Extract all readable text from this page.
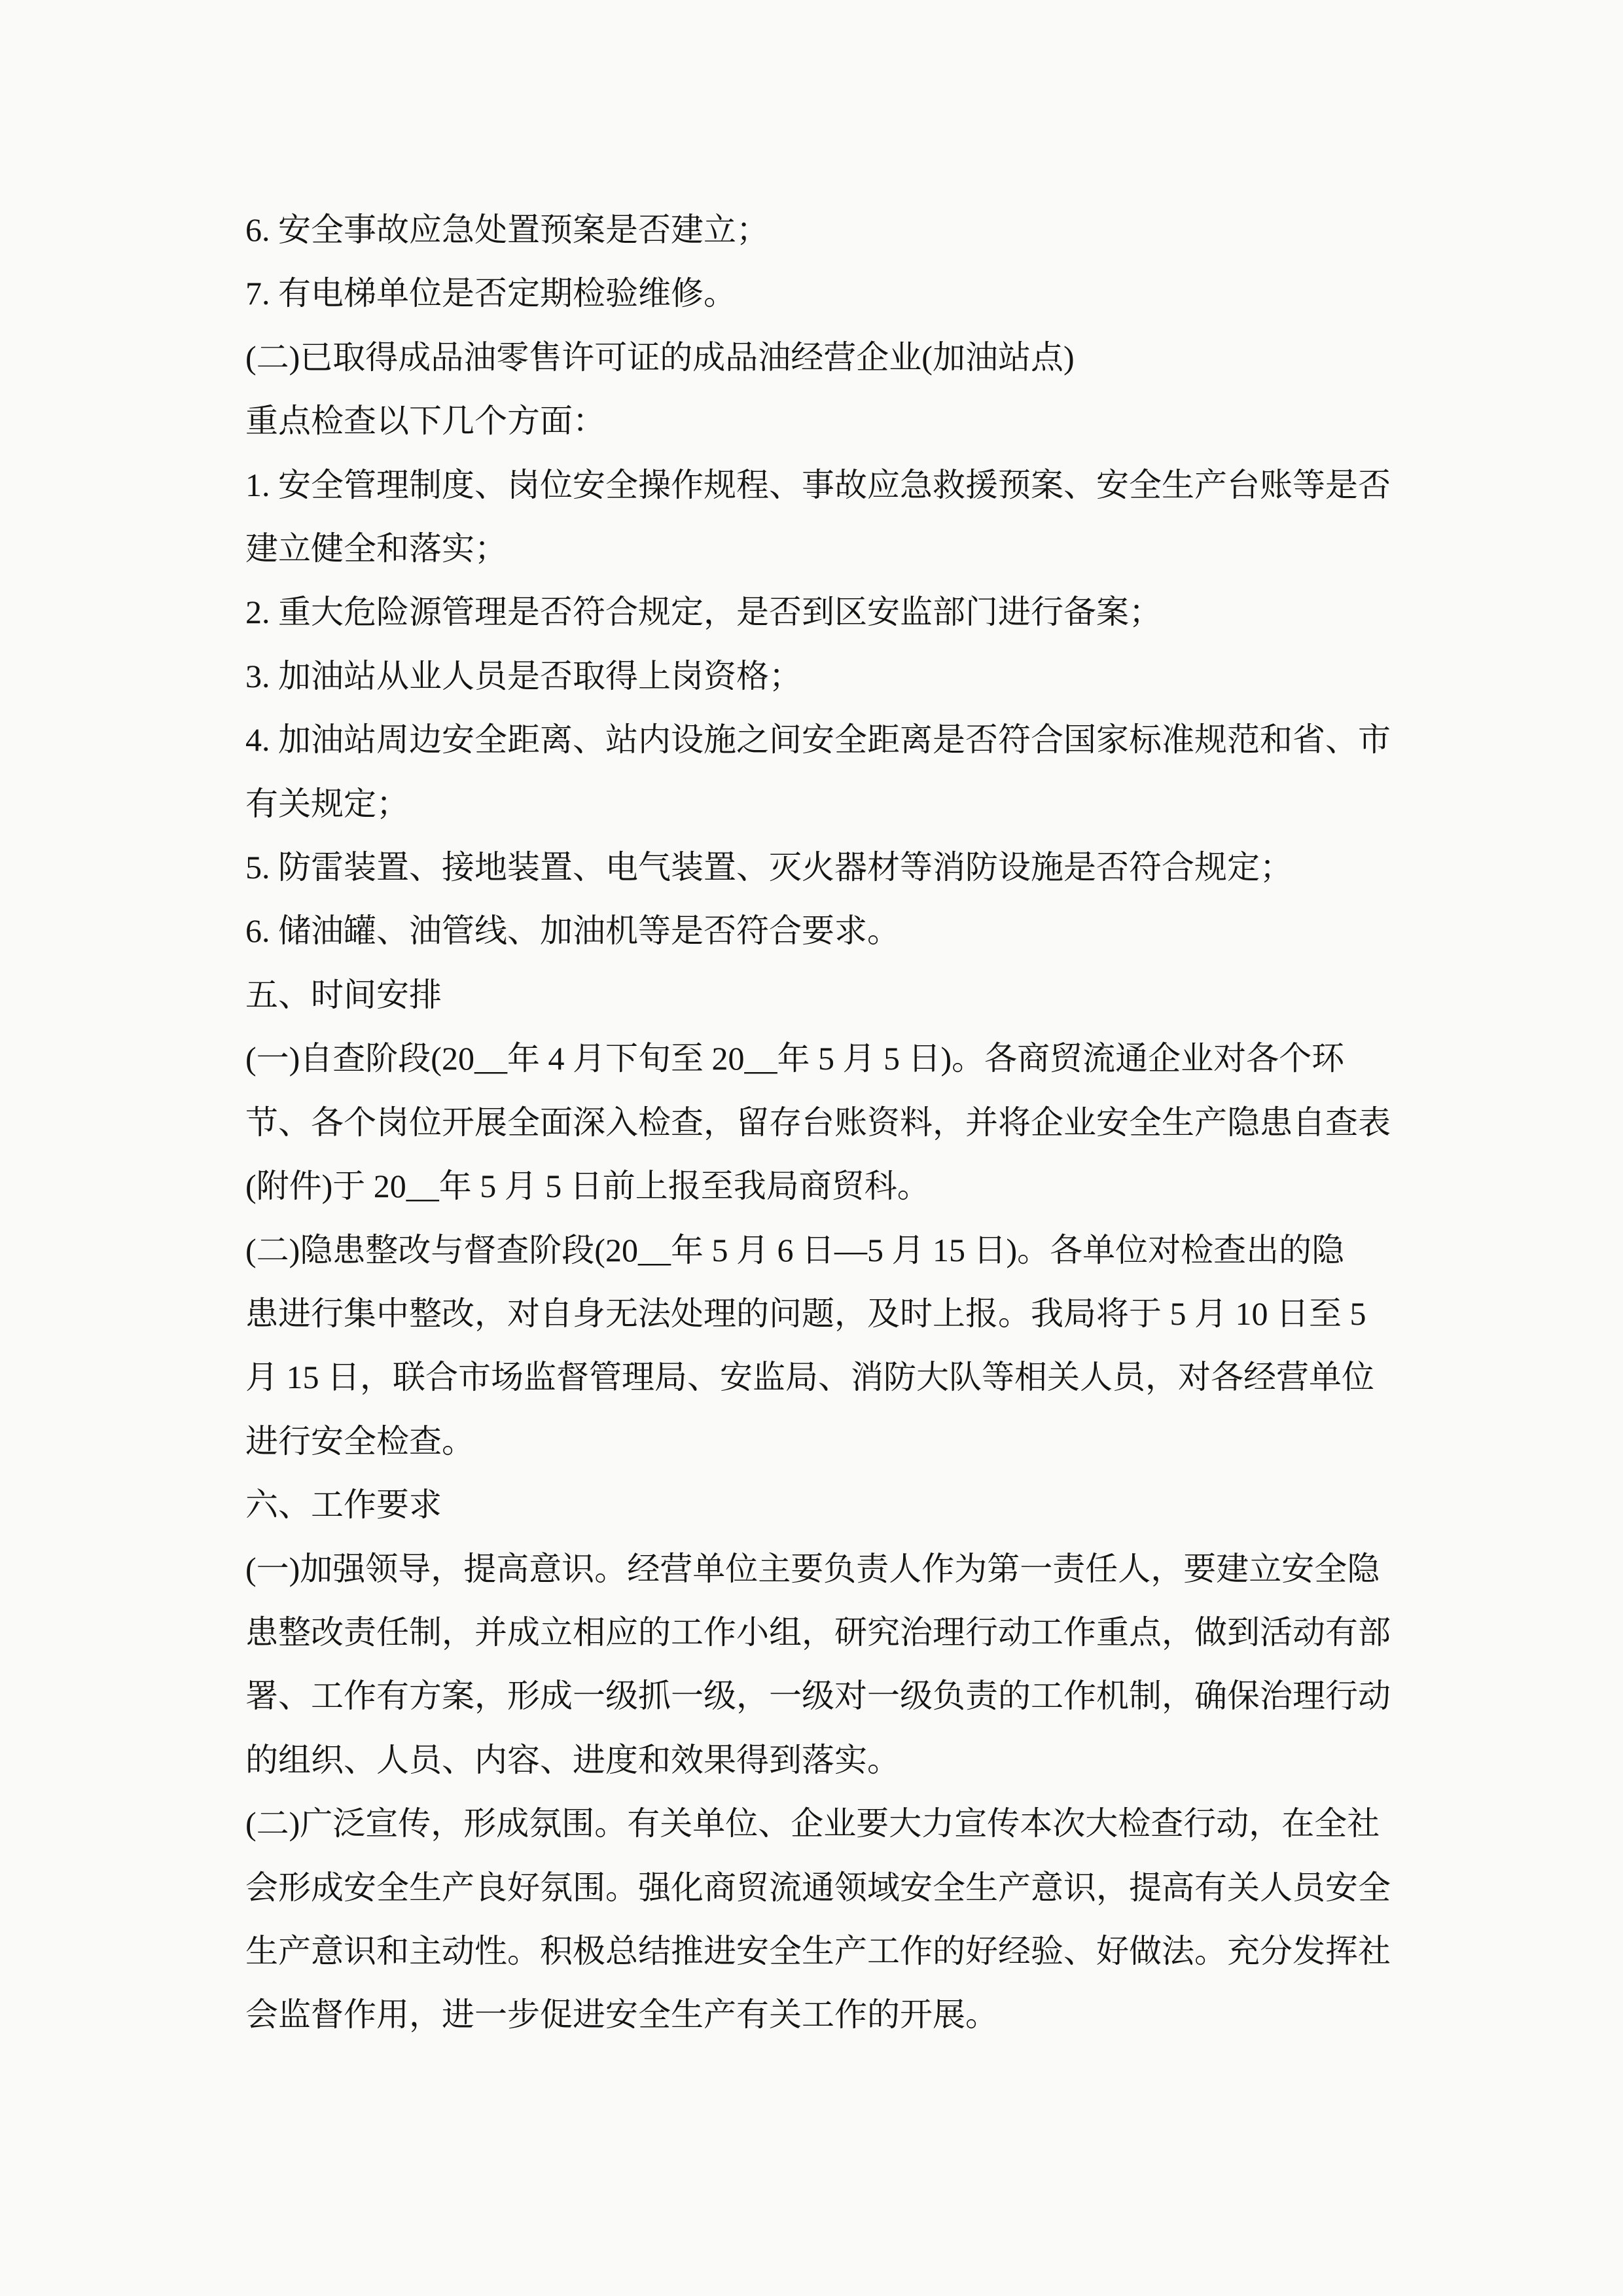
6. 安全事故应急处置预案是否建立；
7. 有电梯单位是否定期检验维修。
(二)已取得成品油零售许可证的成品油经营企业(加油站点)
重点检查以下几个方面：
1. 安全管理制度、岗位安全操作规程、事故应急救援预案、安全生产台账等是否
建立健全和落实；
2. 重大危险源管理是否符合规定，是否到区安监部门进行备案；
3. 加油站从业人员是否取得上岗资格；
4. 加油站周边安全距离、站内设施之间安全距离是否符合国家标准规范和省、市
有关规定；
5. 防雷装置、接地装置、电气装置、灭火器材等消防设施是否符合规定；
6. 储油罐、油管线、加油机等是否符合要求。
五、时间安排
(一)自查阶段(20__年 4 月下旬至 20__年 5 月 5 日)。各商贸流通企业对各个环
节、各个岗位开展全面深入检查，留存台账资料，并将企业安全生产隐患自查表
(附件)于 20__年 5 月 5 日前上报至我局商贸科。
(二)隐患整改与督查阶段(20__年 5 月 6 日—5 月 15 日)。各单位对检查出的隐
患进行集中整改，对自身无法处理的问题，及时上报。我局将于 5 月 10 日至 5
月 15 日，联合市场监督管理局、安监局、消防大队等相关人员，对各经营单位
进行安全检查。
六、工作要求
(一)加强领导，提高意识。经营单位主要负责人作为第一责任人，要建立安全隐
患整改责任制，并成立相应的工作小组，研究治理行动工作重点，做到活动有部
署、工作有方案，形成一级抓一级，一级对一级负责的工作机制，确保治理行动
的组织、人员、内容、进度和效果得到落实。
(二)广泛宣传，形成氛围。有关单位、企业要大力宣传本次大检查行动，在全社
会形成安全生产良好氛围。强化商贸流通领域安全生产意识，提高有关人员安全
生产意识和主动性。积极总结推进安全生产工作的好经验、好做法。充分发挥社
会监督作用，进一步促进安全生产有关工作的开展。
